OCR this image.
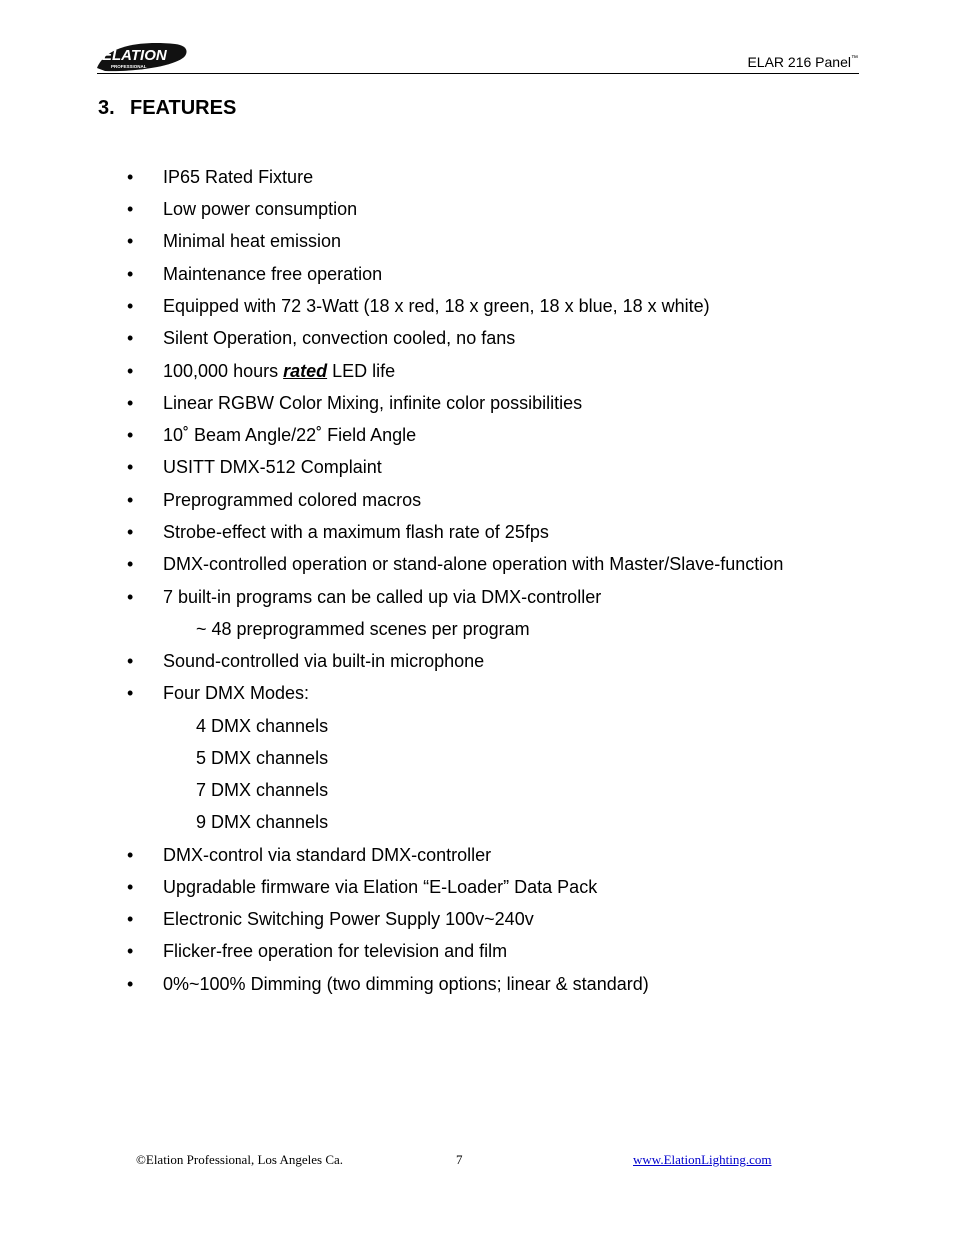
ELATION
PROFESSIONAL	ELAR 216 Panel™
3. FEATURES
•	IP65 Rated Fixture
•	Low power consumption
•	Minimal heat emission
•	Maintenance free operation
•	Equipped with 72 3-Watt (18 x red, 18 x green, 18 x blue, 18 x white)
•	Silent Operation, convection cooled, no fans
•	100,000 hours rated LED life
•	Linear RGBW Color Mixing, infinite color possibilities
•	10˚ Beam Angle/22˚ Field Angle
•	USITT DMX-512 Complaint
•	Preprogrammed colored macros
•	Strobe-effect with a maximum flash rate of 25fps
•	DMX-controlled operation or stand-alone operation with Master/Slave-function
•	7 built-in programs can be called up via DMX-controller
~ 48 preprogrammed scenes per program
•	Sound-controlled via built-in microphone
•	Four DMX Modes:
4 DMX channels
5 DMX channels
7 DMX channels
9 DMX channels
•	DMX-control via standard DMX-controller
•	Upgradable firmware via Elation “E-Loader” Data Pack
•	Electronic Switching Power Supply 100v~240v
•	Flicker-free operation for television and film
•	0%~100% Dimming (two dimming options; linear & standard)
©Elation Professional, Los Angeles Ca.	7	www.ElationLighting.com
